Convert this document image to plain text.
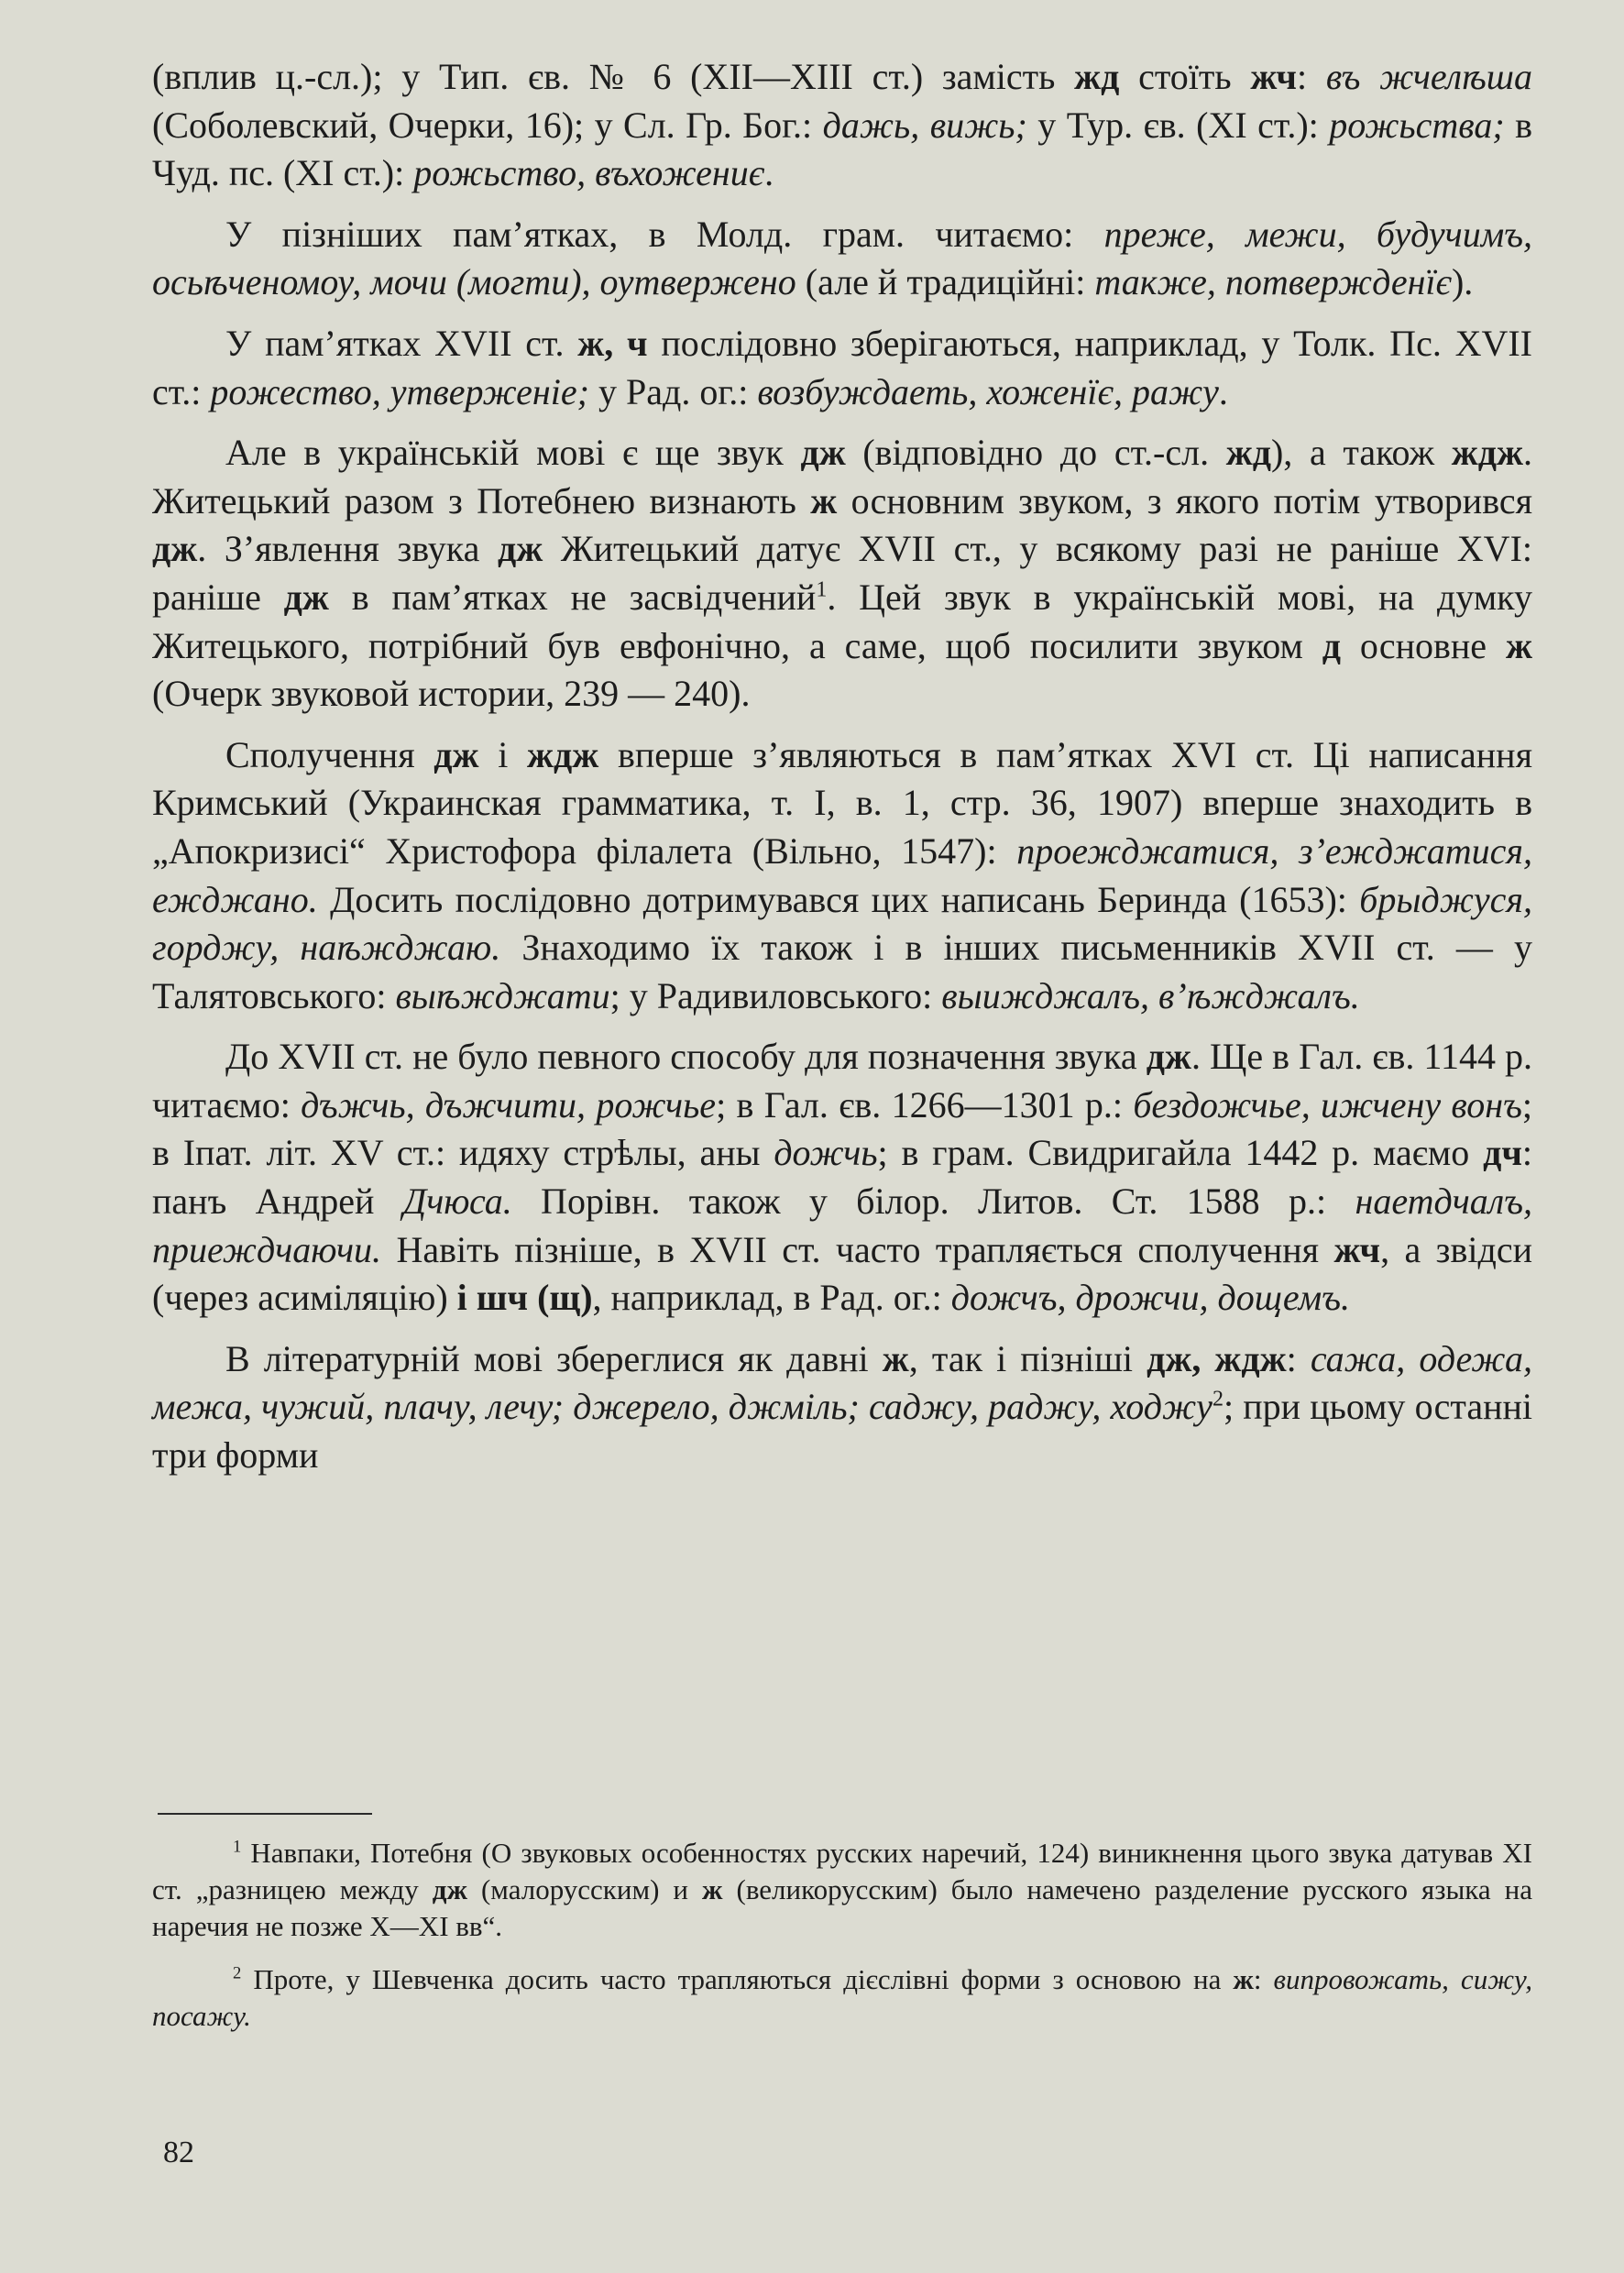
(вплив ц.-сл.); у Тип. єв. № 6 (XII—XIII ст.) замість жд стоїть жч: въ жчелѣша (Соболевский, Очерки, 16); у Сл. Гр. Бог.: дажь, вижь; у Тур. єв. (XI ст.): рожьства; в Чуд. пс. (XI ст.): рожьство, въхожениє.

У пізніших пам’ятках, в Молд. грам. читаємо: преже, межи, будучимъ, осьѣченомоу, мочи (могти), оутвержено (але й традиційні: также, потвержденїє).

У пам’ятках XVII ст. ж, ч послідовно зберігаються, наприклад, у Толк. Пс. XVII ст.: рожество, утверженіе; у Рад. ог.: возбуждаеть, хоженїє, ражу.

Але в українській мові є ще звук дж (відповідно до ст.-сл. жд), а також ждж. Житецький разом з Потебнею визнають ж основним звуком, з якого потім утворився дж. З’явлення звука дж Житецький датує XVII ст., у всякому разі не раніше XVI: раніше дж в пам’ятках не засвідчений$^1$. Цей звук в українській мові, на думку Житецького, потрібний був евфонічно, а саме, щоб посилити звуком д основне ж (Очерк звуковой истории, 239 — 240).

Сполучення дж і ждж вперше з’являються в пам’ятках XVI ст. Ці написання Кримський (Украинская грамматика, т. I, в. 1, стр. 36, 1907) вперше знаходить в „Апокризисі“ Христофора філалета (Вільно, 1547): проежджатися, з’ежджатися, ежджано. Досить послідовно дотримувався цих написань Беринда (1653): брыджуся, горджу, наѣжджаю. Знаходимо їх також і в інших письменників XVII ст. — у Талятовського: выѣжджати; у Радивиловського: выижджалъ, в’ѣжджалъ.

До XVII ст. не було певного способу для позначення звука дж. Ще в Гал. єв. 1144 р. читаємо: дъжчь, дъжчити, рожчье; в Гал. єв. 1266—1301 р.: бездожчье, ижчену вонъ; в Іпат. літ. XV ст.: идяху стрѣлы, аны дожчь; в грам. Свидригайла 1442 р. маємо дч: панъ Андрей Дчюса. Порівн. також у білор. Литов. Ст. 1588 р.: наетдчалъ, приеждчаючи. Навіть пізніше, в XVII ст. часто трапляється сполучення жч, а звідси (через асиміляцію) і шч (щ), наприклад, в Рад. ог.: дожчъ, дрожчи, дощемъ.

В літературній мові збереглися як давні ж, так і пізніші дж, ждж: сажа, одежа, межа, чужий, плачу, лечу; джерело, джміль; саджу, раджу, ходжу$^2$; при цьому останні три форми

$^1$ Навпаки, Потебня (О звуковых особенностях русских наречий, 124) виникнення цього звука датував XI ст. „разницею между дж (малорусским) и ж (великорусским) было намечено разделение русского языка на наречия не позже X—XI вв“.

$^2$ Проте, у Шевченка досить часто трапляються дієслівні форми з основою на ж: випровожать, сижу, посажу.

82
